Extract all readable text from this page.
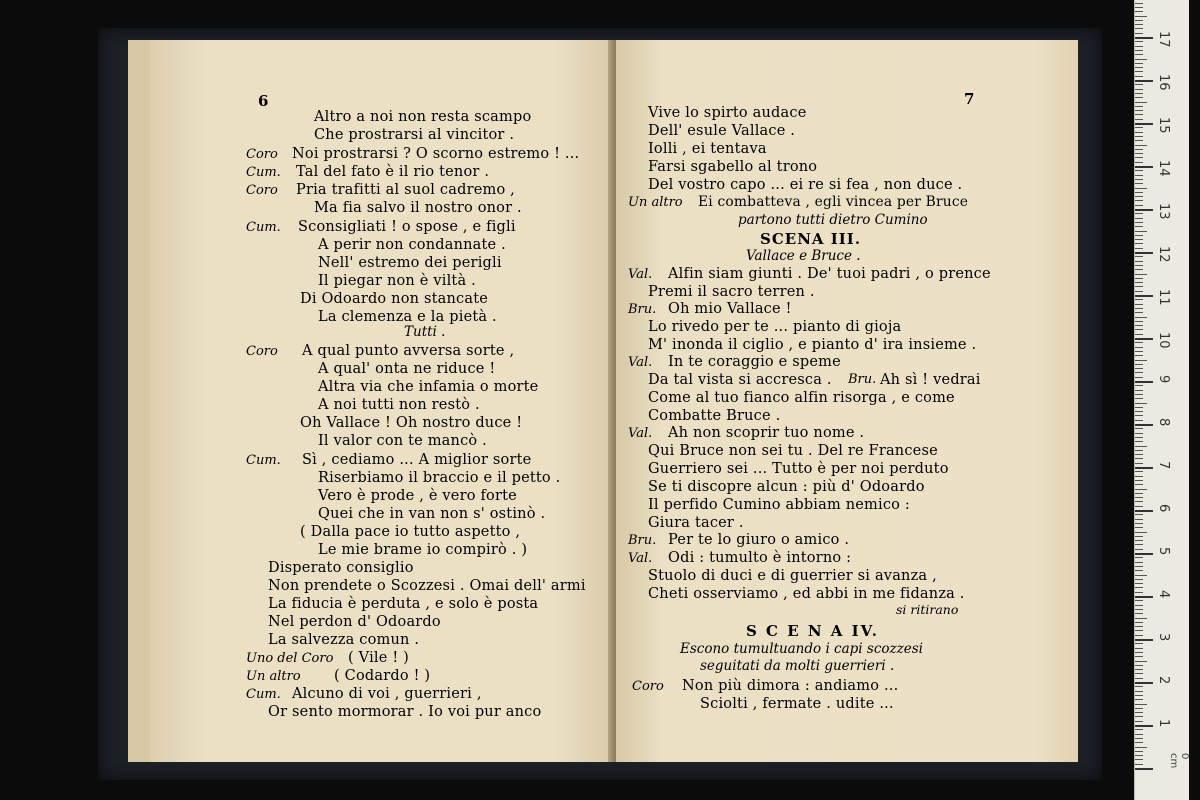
6	7
Altro a noi non resta scampo
Che prostrarsi al vincitor .
Coro Noi prostrarsi ? O scorno estremo ! ...
Cum. Tal del fato è il rio tenor .
Coro Pria trafitti al suol cadremo ,
Ma fia salvo il nostro onor .
Cum. Sconsigliati ! o spose , e figli
A perir non condannate .
Nell' estremo dei perigli
Il piegar non è viltà .
Di Odoardo non stancate
La clemenza e la pietà .
Tutti .
Coro A qual punto avversa sorte ,
A qual' onta ne riduce !
Altra via che infamia o morte
A noi tutti non restò .
Oh Vallace ! Oh nostro duce !
Il valor con te mancò .
Cum. Sì , cediamo ... A miglior sorte
Riserbiamo il braccio e il petto .
Vero è prode , è vero forte
Quei che in van non s' ostinò .
( Dalla pace io tutto aspetto ,
Le mie brame io compirò . )
Disperato consiglio
Non prendete o Scozzesi . Omai dell' armi
La fiducia è perduta , e solo è posta
Nel perdon d' Odoardo
La salvezza comun .
Uno del Coro ( Vile ! )
Un altro ( Codardo ! )
Cum. Alcuno di voi , guerrieri ,
Or sento mormorar . Io voi pur anco
Vive lo spirto audace
Dell' esule Vallace .
Iolli , ei tentava
Farsi sgabello al trono
Del vostro capo ... ei re si fea , non duce .
Un altro Ei combatteva , egli vincea per Bruce
partono tutti dietro Cumino
SCENA III.
Vallace e Bruce .
Val. Alfin siam giunti . De' tuoi padri , o prence
Premi il sacro terren .
Bru. Oh mio Vallace !
Lo rivedo per te ... pianto di gioja
M' inonda il ciglio , e pianto d' ira insieme .
Val. In te coraggio e speme
Da tal vista si accresca . Bru. Ah sì ! vedrai
Come al tuo fianco alfin risorga , e come
Combatte Bruce .
Val. Ah non scoprir tuo nome .
Qui Bruce non sei tu . Del re Francese
Guerriero sei ... Tutto è per noi perduto
Se ti discopre alcun : più d' Odoardo
Il perfido Cumino abbiam nemico :
Giura tacer .
Bru. Per te lo giuro o amico .
Val. Odi : tumulto è intorno :
Stuolo di duci e di guerrier si avanza ,
Cheti osserviamo , ed abbi in me fidanza .
si ritirano
S C E N A IV.
Escono tumultuando i capi scozzesi
seguitati da molti guerrieri .
Coro Non più dimora : andiamo ...
Sciolti , fermate . udite ...
17
16
15
14
13
12
11
10
9
8
7
6
5
4
3
2
1
0 cm
